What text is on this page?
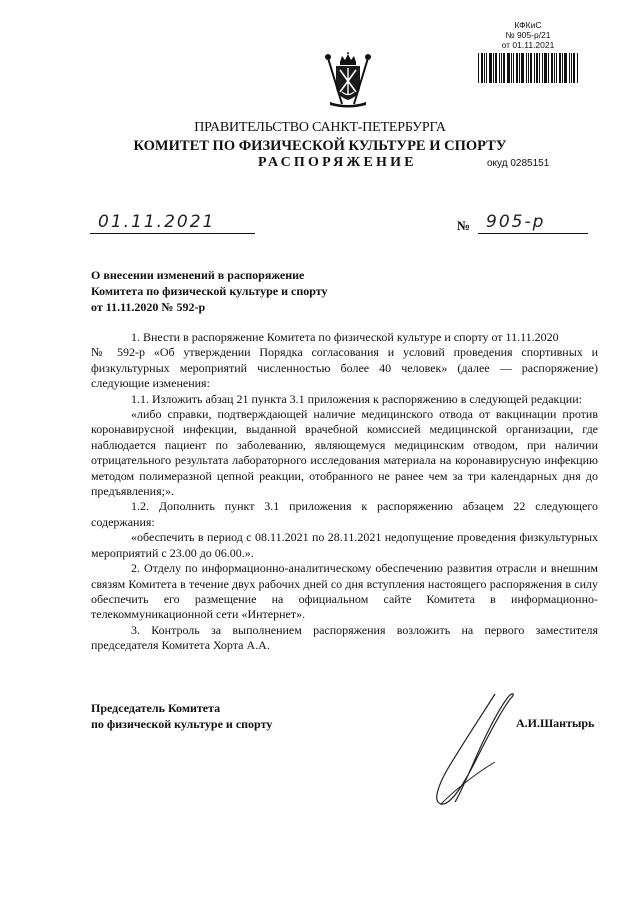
КФКиС
№ 905-р/21
от 01.11.2021
ПРАВИТЕЛЬСТВО САНКТ-ПЕТЕРБУРГА
КОМИТЕТ ПО ФИЗИЧЕСКОЙ КУЛЬТУРЕ И СПОРТУ
РАСПОРЯЖЕНИЕ	окуд 0285151
01.11.2021	№ 905-р
О внесении изменений в распоряжение
Комитета по физической культуре и спорту
от 11.11.2020 № 592-р

1. Внести в распоряжение Комитета по физической культуре и спорту от 11.11.2020

№ 592-р «Об утверждении Порядка согласования и условий проведения спортивных и физкультурных мероприятий численностью более 40 человек» (далее — распоряжение) следующие изменения:

1.1. Изложить абзац 21 пункта 3.1 приложения к распоряжению в следующей редакции:

«либо справки, подтверждающей наличие медицинского отвода от вакцинации против коронавирусной инфекции, выданной врачебной комиссией медицинской организации, где наблюдается пациент по заболеванию, являющемуся медицинским отводом, при наличии отрицательного результата лабораторного исследования материала на коронавирусную инфекцию методом полимеразной цепной реакции, отобранного не ранее чем за три календарных дня до предъявления;».

1.2. Дополнить пункт 3.1 приложения к распоряжению абзацем 22 следующего содержания:

«обеспечить в период с 08.11.2021 по 28.11.2021 недопущение проведения физкультурных мероприятий с 23.00 до 06.00.».

2. Отделу по информационно-аналитическому обеспечению развития отрасли и внешним связям Комитета в течение двух рабочих дней со дня вступления настоящего распоряжения в силу обеспечить его размещение на официальном сайте Комитета в информационно-телекоммуникационной сети «Интернет».

3. Контроль за выполнением распоряжения возложить на первого заместителя председателя Комитета Хорта А.А.

Председатель Комитета
по физической культуре и спорту	А.И.Шантырь
